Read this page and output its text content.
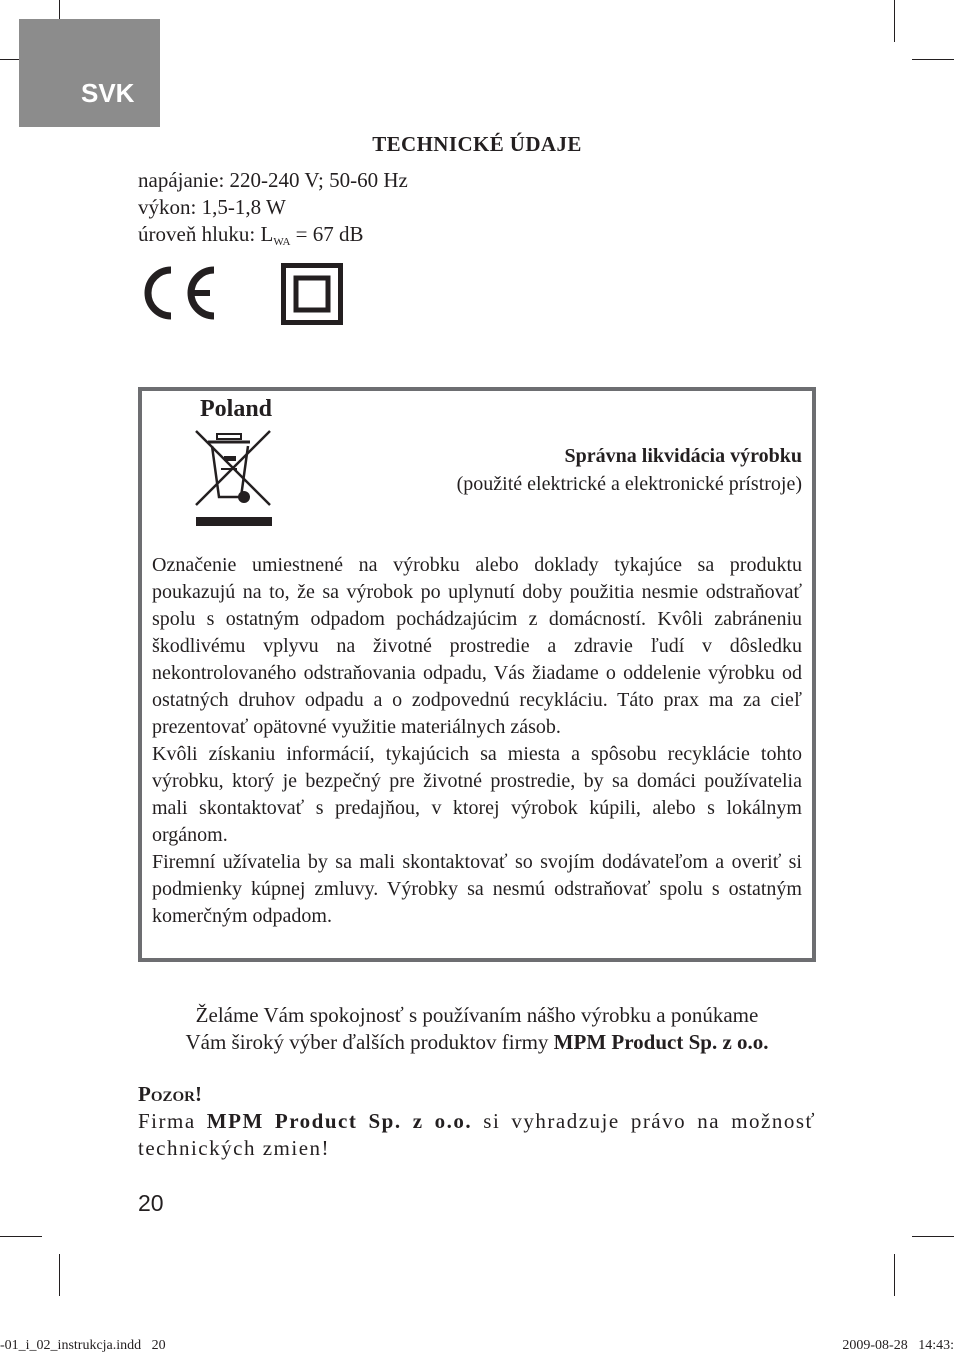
SVK
TECHNICKÉ ÚDAJE
napájanie: 220-240 V; 50-60 Hz
výkon: 1,5-1,8 W
úroveň hluku: $L_{WA} = 67$ dB
Poland
Správna likvidácia výrobku
(použité elektrické a elektronické prístroje)

Označenie umiestnené na výrobku alebo doklady tykajúce sa produktu poukazujú na to, že sa výrobok po uplynutí doby použitia nesmie odstraňovať spolu s ostatným odpadom pochádzajúcim z domácností. Kvôli zabráneniu škodlivému vplyvu na životné prostredie a zdravie ľudí v dôsledku nekontrolovaného odstraňovania odpadu, Vás žiadame o oddelenie výrobku od ostatných druhov odpadu a o zodpovednú recykláciu. Táto prax ma za cieľ prezentovať opätovné využitie materiálnych zásob.

Kvôli získaniu informácií, tykajúcich sa miesta a spôsobu recyklácie tohto výrobku, ktorý je bezpečný pre životné prostredie, by sa domáci používatelia mali skontaktovať s predajňou, v ktorej výrobok kúpili, alebo s lokálnym orgánom.

Firemní užívatelia by sa mali skontaktovať so svojím dodávateľom a overiť si podmienky kúpnej zmluvy. Výrobky sa nesmú odstraňovať spolu s ostatným komerčným odpadom.

Želáme Vám spokojnosť s používaním nášho výrobku a ponúkame
Vám široký výber ďalších produktov firmy MPM Product Sp. z o.o.
Pozor!
Firma MPM Product Sp. z o.o. si vyhradzuje právo na možnosť technických zmien!
20
-01_i_02_instrukcja.indd   20	2009-08-28   14:43:
